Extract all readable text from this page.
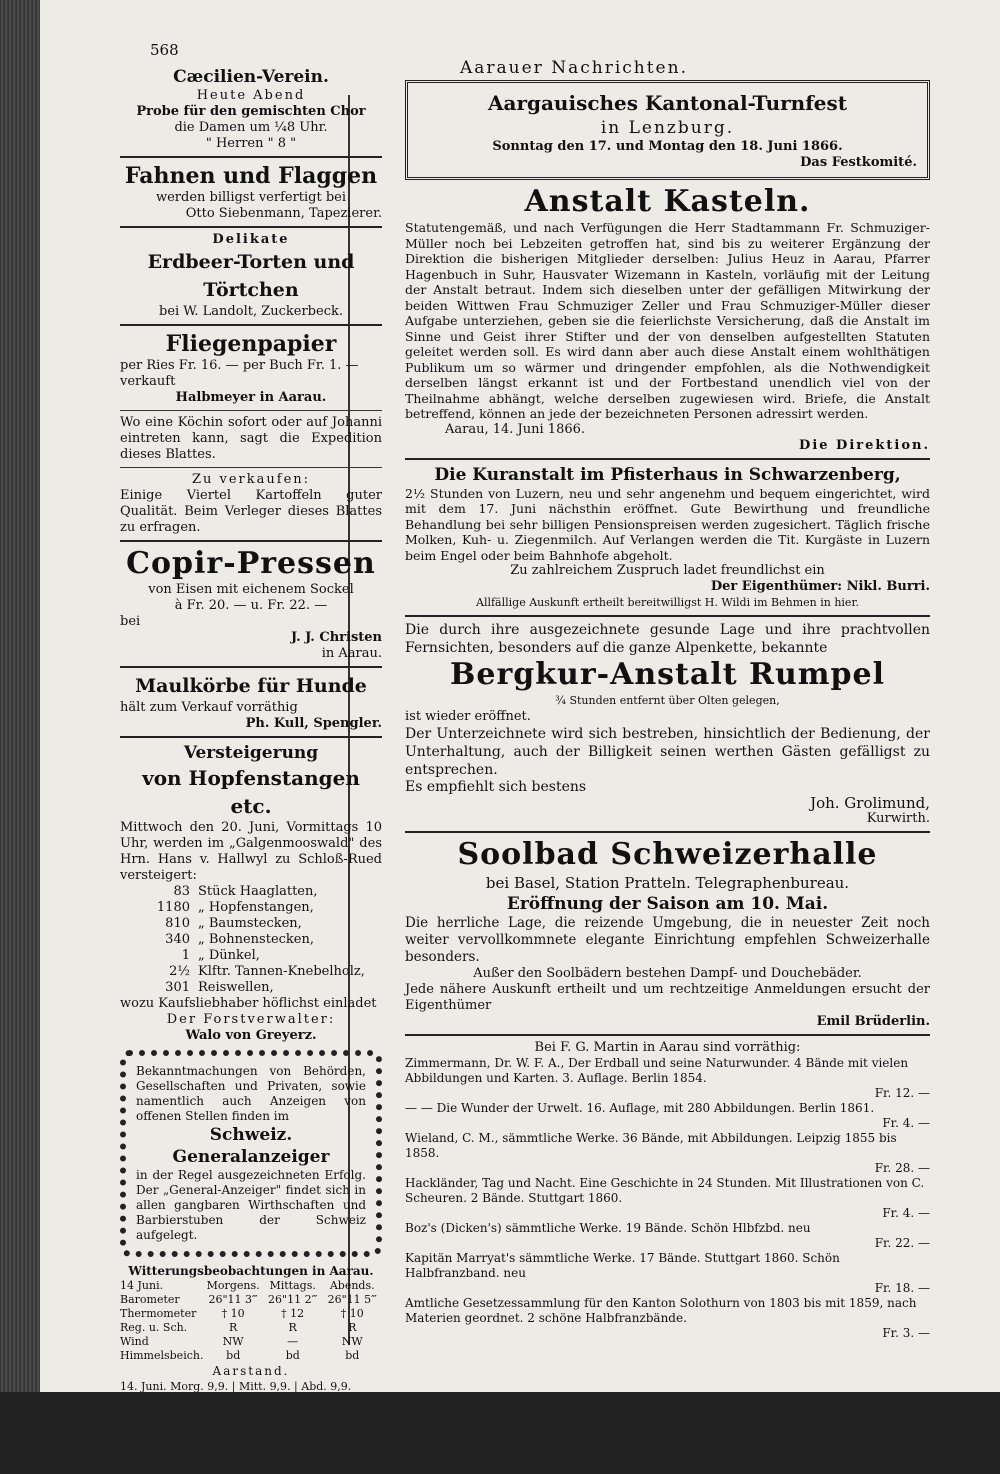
568
Aarauer Nachrichten.

Cæcilien-Verein.

Heute Abend

Probe für den gemischten Chor

die Damen um ¼8 Uhr.

" Herren " 8 "

Fahnen und Flaggen

werden billigst verfertigt bei

Otto Siebenmann, Tapezierer.

Delikate

Erdbeer-Torten und Törtchen

bei W. Landolt, Zuckerbeck.

Fliegenpapier

per Ries Fr. 16. — per Buch Fr. 1. —

verkauft

Halbmeyer in Aarau.

Wo eine Köchin sofort oder auf Johanni eintreten kann, sagt die Expedition dieses Blattes.

Zu verkaufen:

Einige Viertel Kartoffeln guter Qualität. Beim Verleger dieses Blattes zu erfragen.

Copir-Pressen

von Eisen mit eichenem Sockel

à Fr. 20. — u. Fr. 22. —

bei

J. J. Christen

in Aarau.

Maulkörbe für Hunde

hält zum Verkauf vorräthig

Ph. Kull, Spengler.

Versteigerung

von Hopfenstangen etc.

Mittwoch den 20. Juni, Vormittags 10 Uhr, werden im „Galgenmooswald" des Hrn. Hans v. Hallwyl zu Schloß-Rued versteigert:

83 Stück Haaglatten,
1180 „ Hopfenstangen,
810 „ Baumstecken,
340 „ Bohnenstecken,
1 „ Dünkel,
2½ Klftr. Tannen-Knebelholz,
301 Reiswellen,

wozu Kaufsliebhaber höflichst einladet

Der Forstverwalter:

Walo von Greyerz.

Bekanntmachungen von Behörden, Gesellschaften und Privaten, sowie namentlich auch Anzeigen von offenen Stellen finden im

Schweiz. Generalanzeiger

in der Regel ausgezeichneten Erfolg. Der „General-Anzeiger" findet sich in allen gangbaren Wirthschaften und Barbierstuben der Schweiz aufgelegt.

Witterungsbeobachtungen in Aarau.

14 Juni.	Morgens. Mittags.	Abends.
Barometer	26"11 3‴ 26"11 2‴ 26"11 5‴
Thermometer	† 10	† 12	† 10
Reg. u. Sch.	R	R	R
Wind	NW	—	NW
Himmelsbeich.	bd	bd	bd

Aarstand.

14. Juni. Morg. 9,9. | Mitt. 9,9. | Abd. 9,9.

Aargauisches Kantonal-Turnfest

in Lenzburg.

Sonntag den 17. und Montag den 18. Juni 1866.

Das Festkomité.

Anstalt Kasteln.

Statutengemäß, und nach Verfügungen die Herr Stadtammann Fr. Schmuziger-Müller noch bei Lebzeiten getroffen hat, sind bis zu weiterer Ergänzung der Direktion die bisherigen Mitglieder derselben: Julius Heuz in Aarau, Pfarrer Hagenbuch in Suhr, Hausvater Wizemann in Kasteln, vorläufig mit der Leitung der Anstalt betraut. Indem sich dieselben unter der gefälligen Mitwirkung der beiden Wittwen Frau Schmuziger Zeller und Frau Schmuziger-Müller dieser Aufgabe unterziehen, geben sie die feierlichste Versicherung, daß die Anstalt im Sinne und Geist ihrer Stifter und der von denselben aufgestellten Statuten geleitet werden soll. Es wird dann aber auch diese Anstalt einem wohlthätigen Publikum um so wärmer und dringender empfohlen, als die Nothwendigkeit derselben längst erkannt ist und der Fortbestand unendlich viel von der Theilnahme abhängt, welche derselben zugewiesen wird. Briefe, die Anstalt betreffend, können an jede der bezeichneten Personen adressirt werden.

Aarau, 14. Juni 1866.

Die Direktion.

Die Kuranstalt im Pfisterhaus in Schwarzenberg,

2½ Stunden von Luzern, neu und sehr angenehm und bequem eingerichtet, wird mit dem 17. Juni nächsthin eröffnet. Gute Bewirthung und freundliche Behandlung bei sehr billigen Pensionspreisen werden zugesichert. Täglich frische Molken, Kuh- u. Ziegenmilch. Auf Verlangen werden die Tit. Kurgäste in Luzern beim Engel oder beim Bahnhofe abgeholt.

Zu zahlreichem Zuspruch ladet freundlichst ein

Der Eigenthümer: Nikl. Burri.

Allfällige Auskunft ertheilt bereitwilligst H. Wildi im Behmen in hier.

Die durch ihre ausgezeichnete gesunde Lage und ihre prachtvollen Fernsichten, besonders auf die ganze Alpenkette, bekannte

Bergkur-Anstalt Rumpel

¾ Stunden entfernt über Olten gelegen,

ist wieder eröffnet.

Der Unterzeichnete wird sich bestreben, hinsichtlich der Bedienung, der Unterhaltung, auch der Billigkeit seinen werthen Gästen gefälligst zu entsprechen.

Es empfiehlt sich bestens

Joh. Grolimund,

Kurwirth.

Soolbad Schweizerhalle

bei Basel, Station Pratteln. Telegraphenbureau.

Eröffnung der Saison am 10. Mai.

Die herrliche Lage, die reizende Umgebung, die in neuester Zeit noch weiter vervollkommnete elegante Einrichtung empfehlen Schweizerhalle besonders.

Außer den Soolbädern bestehen Dampf- und Douchebäder.

Jede nähere Auskunft ertheilt und um rechtzeitige Anmeldungen ersucht der Eigenthümer

Emil Brüderlin.

Bei F. G. Martin in Aarau sind vorräthig:

Zimmermann, Dr. W. F. A., Der Erdball und seine Naturwunder. 4 Bände mit vielen Abbildungen und Karten. 3. Auflage. Berlin 1854.

Fr. 12. —

— — Die Wunder der Urwelt. 16. Auflage, mit 280 Abbildungen. Berlin 1861.

Fr. 4. —

Wieland, C. M., sämmtliche Werke. 36 Bände, mit Abbildungen. Leipzig 1855 bis 1858.

Fr. 28. —

Hackländer, Tag und Nacht. Eine Geschichte in 24 Stunden. Mit Illustrationen von C. Scheuren. 2 Bände. Stuttgart 1860.

Fr. 4. —

Boz's (Dicken's) sämmtliche Werke. 19 Bände. Schön Hlbfzbd. neu

Fr. 22. —

Kapitän Marryat's sämmtliche Werke. 17 Bände. Stuttgart 1860. Schön Halbfranzband. neu

Fr. 18. —

Amtliche Gesetzessammlung für den Kanton Solothurn von 1803 bis mit 1859, nach Materien geordnet. 2 schöne Halbfranzbände.

Fr. 3. —
